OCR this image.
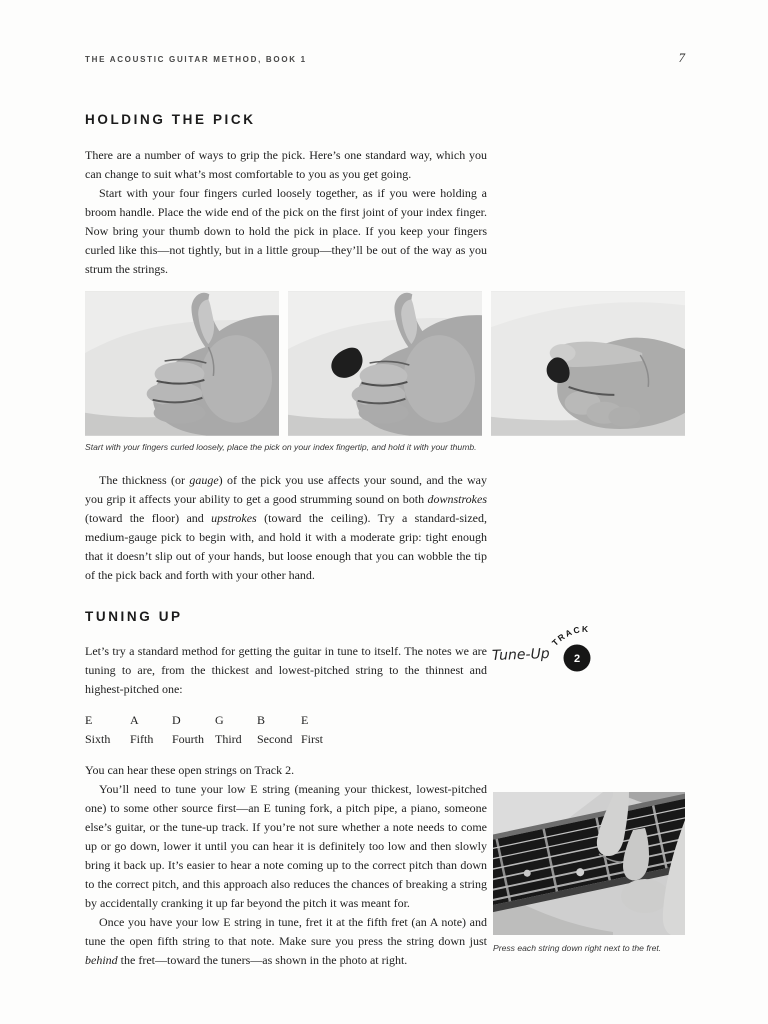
THE ACOUSTIC GUITAR METHOD, BOOK 1	7
HOLDING THE PICK

There are a number of ways to grip the pick. Here’s one standard way, which you can change to suit what’s most comfortable to you as you get going.

Start with your four fingers curled loosely together, as if you were holding a broom handle. Place the wide end of the pick on the first joint of your index finger. Now bring your thumb down to hold the pick in place. If you keep your fingers curled like this—not tightly, but in a little group—they’ll be out of the way as you strum the strings.

Start with your fingers curled loosely, place the pick on your index fingertip, and hold it with your thumb.

The thickness (or gauge) of the pick you use affects your sound, and the way you grip it affects your ability to get a good strumming sound on both downstrokes (toward the floor) and upstrokes (toward the ceiling). Try a standard-sized, medium-gauge pick to begin with, and hold it with a moderate grip: tight enough that it doesn’t slip out of your hands, but loose enough that you can wobble the tip of the pick back and forth with your other hand.

TUNING UP

Let’s try a standard method for getting the guitar in tune to itself. The notes we are tuning to are, from the thickest and lowest-pitched string to the thinnest and highest-pitched one:

Tune-Up
TRACK
2
E	A	D	G	B	E
Sixth	Fifth	Fourth	Third	Second	First

You can hear these open strings on Track 2.

You’ll need to tune your low E string (meaning your thickest, lowest-pitched one) to some other source first—an E tuning fork, a pitch pipe, a piano, someone else’s guitar, or the tune-up track. If you’re not sure whether a note needs to come up or go down, lower it until you can hear it is definitely too low and then slowly bring it back up. It’s easier to hear a note coming up to the correct pitch than down to the correct pitch, and this approach also reduces the chances of breaking a string by accidentally cranking it up far beyond the pitch it was meant for.

Once you have your low E string in tune, fret it at the fifth fret (an A note) and tune the open fifth string to that note. Make sure you press the string down just behind the fret—toward the tuners—as shown in the photo at right.

Press each string down right next to the fret.
